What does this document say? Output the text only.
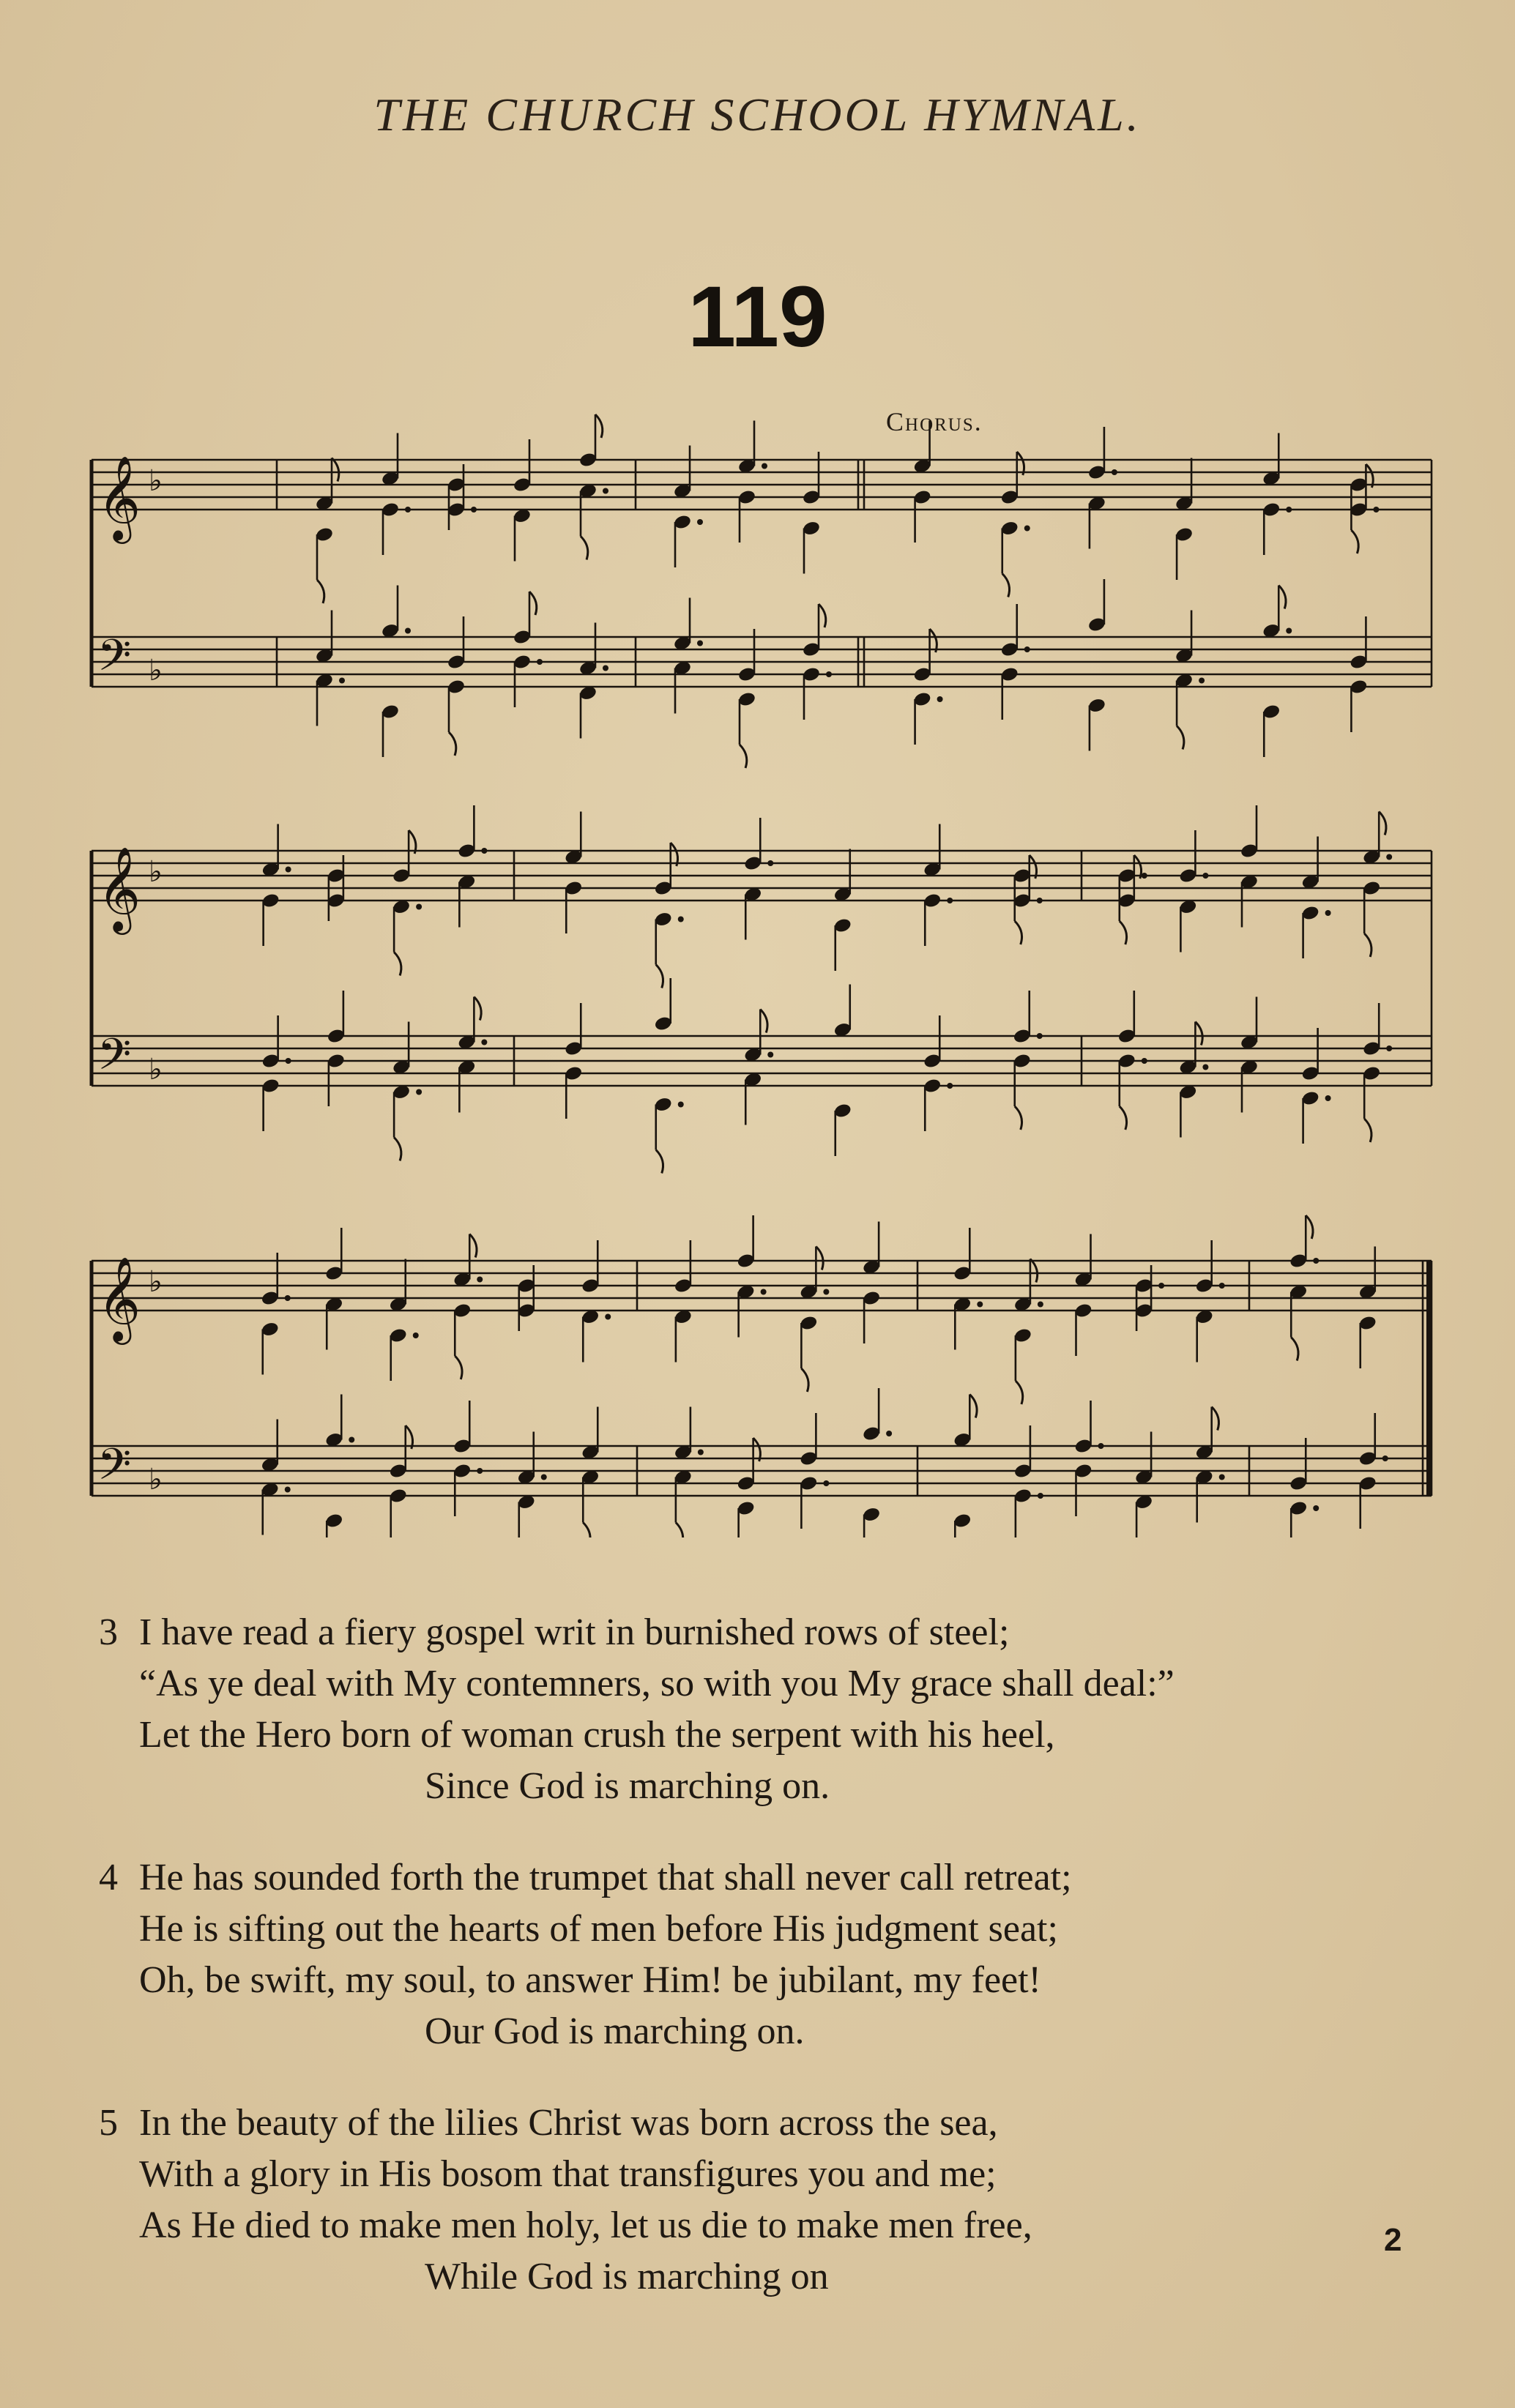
THE CHURCH SCHOOL HYMNAL.
119
Chorus.
𝄞
𝄢
♭
♭
𝄞
𝄢
♭
♭
𝄞
𝄢
♭
♭
3 I have read a fiery gospel writ in burnished rows of steel;
“As ye deal with My contemners, so with you My grace shall deal:”
Let the Hero born of woman crush the serpent with his heel,
Since God is marching on.
4 He has sounded forth the trumpet that shall never call retreat;
He is sifting out the hearts of men before His judgment seat;
Oh, be swift, my soul, to answer Him! be jubilant, my feet!
Our God is marching on.
5 In the beauty of the lilies Christ was born across the sea,
With a glory in His bosom that transfigures you and me;
As He died to make men holy, let us die to make men free,
While God is marching on
2
